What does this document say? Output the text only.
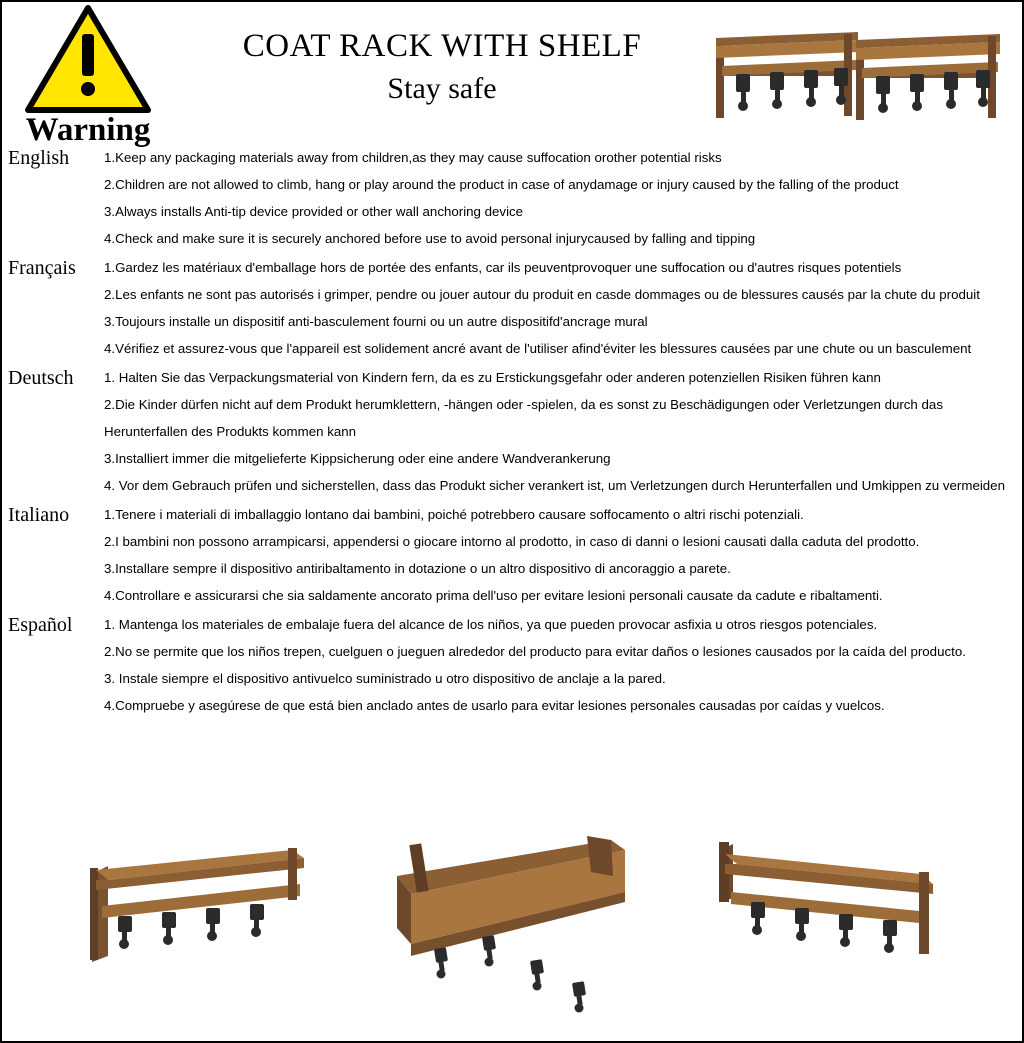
Warning
COAT RACK WITH SHELF
Stay safe
English	1.Keep any packaging materials away from children,as they may cause suffocation orother potential risks
2.Children are not allowed to climb, hang or play around the product in case of anydamage or injury caused by the falling of the product
3.Always installs Anti-tip device provided or other wall anchoring device
4.Check and make sure it is securely anchored before use to avoid personal injurycaused by falling and tipping
Français	1.Gardez les matériaux d'emballage hors de portée des enfants, car ils peuventprovoquer une suffocation ou d'autres risques potentiels
2.Les enfants ne sont pas autorisés i grimper, pendre ou jouer autour du produit en casde dommages ou de blessures causés par la chute du produit
3.Toujours installe un dispositif anti-basculement fourni ou un autre dispositifd'ancrage mural
4.Vérifiez et assurez-vous que l'appareil est solidement ancré avant de l'utiliser afind'éviter les blessures causées par une chute ou un basculement
Deutsch	1. Halten Sie das Verpackungsmaterial von Kindern fern, da es zu Erstickungsgefahr oder anderen potenziellen Risiken führen kann
2.Die Kinder dürfen nicht auf dem Produkt herumklettern, -hängen oder -spielen, da es sonst zu Beschädigungen oder Verletzungen durch das Herunterfallen des Produkts kommen kann
3.Installiert immer die mitgelieferte Kippsicherung oder eine andere Wandverankerung
4. Vor dem Gebrauch prüfen und sicherstellen, dass das Produkt sicher verankert ist, um Verletzungen durch Herunterfallen und Umkippen zu vermeiden
Italiano	1.Tenere i materiali di imballaggio lontano dai bambini, poiché potrebbero causare soffocamento o altri rischi potenziali.
2.I bambini non possono arrampicarsi, appendersi o giocare intorno al prodotto, in caso di danni o lesioni causati dalla caduta del prodotto.
3.Installare sempre il dispositivo antiribaltamento in dotazione o un altro dispositivo di ancoraggio a parete.
4.Controllare e assicurarsi che sia saldamente ancorato prima dell'uso per evitare lesioni personali causate da cadute e ribaltamenti.
Español	1. Mantenga los materiales de embalaje fuera del alcance de los niños, ya que pueden provocar asfixia u otros riesgos potenciales.
2.No se permite que los niños trepen, cuelguen o jueguen alrededor del producto para evitar daños o lesiones causados por la caída del producto.
3. Instale siempre el dispositivo antivuelco suministrado u otro dispositivo de anclaje a la pared.
4.Compruebe y asegúrese de que está bien anclado antes de usarlo para evitar lesiones personales causadas por caídas y vuelcos.
